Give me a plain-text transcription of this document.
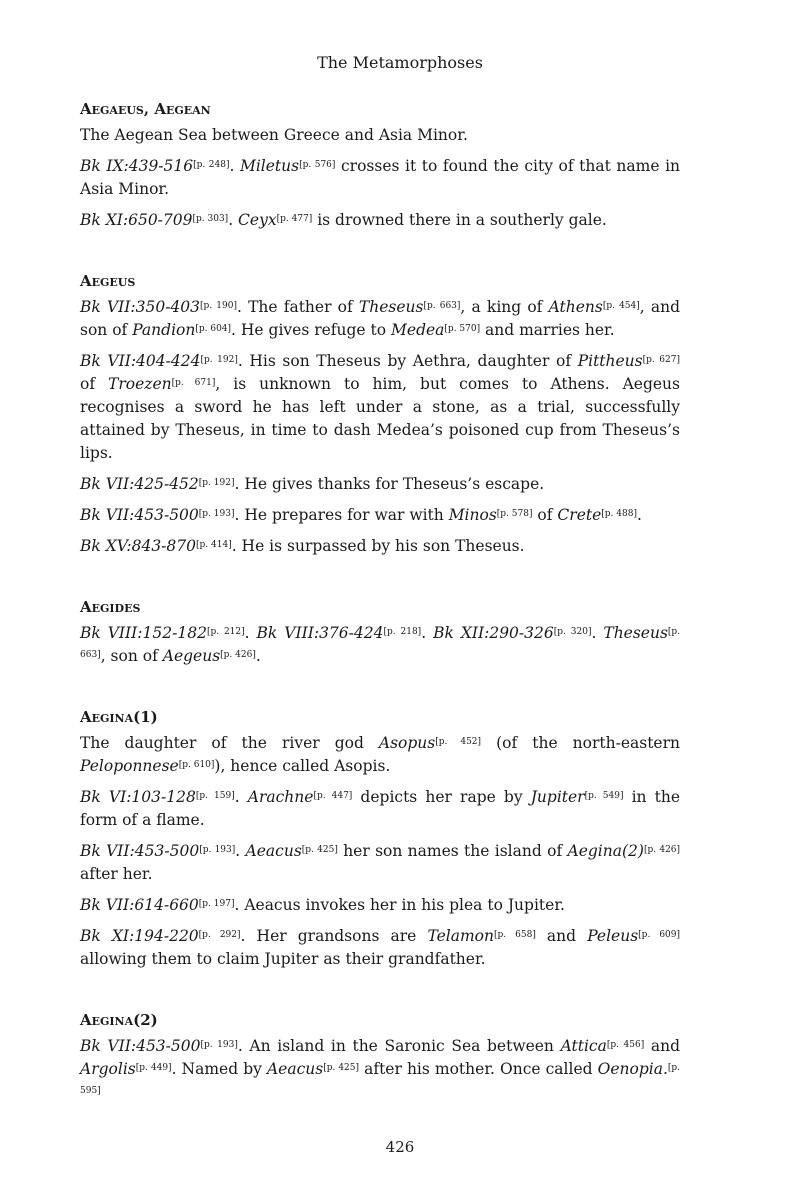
The Metamorphoses
Aegaeus, Aegean

The Aegean Sea between Greece and Asia Minor.

Bk IX:439-516[p. 248]. Miletus[p. 576] crosses it to found the city of that name in Asia Minor.

Bk XI:650-709[p. 303]. Ceyx[p. 477] is drowned there in a southerly gale.

Aegeus

Bk VII:350-403[p. 190]. The father of Theseus[p. 663], a king of Athens[p. 454], and son of Pandion[p. 604]. He gives refuge to Medea[p. 570] and marries her.

Bk VII:404-424[p. 192]. His son Theseus by Aethra, daughter of Pittheus[p. 627] of Troezen[p. 671], is unknown to him, but comes to Athens. Aegeus recognises a sword he has left under a stone, as a trial, successfully attained by Theseus, in time to dash Medea’s poisoned cup from Theseus’s lips.

Bk VII:425-452[p. 192]. He gives thanks for Theseus’s escape.

Bk VII:453-500[p. 193]. He prepares for war with Minos[p. 578] of Crete[p. 488].

Bk XV:843-870[p. 414]. He is surpassed by his son Theseus.

Aegides

Bk VIII:152-182[p. 212]. Bk VIII:376-424[p. 218]. Bk XII:290-326[p. 320]. Theseus[p. 663], son of Aegeus[p. 426].

Aegina(1)

The daughter of the river god Asopus[p. 452] (of the north-eastern Peloponnese[p. 610]), hence called Asopis.

Bk VI:103-128[p. 159]. Arachne[p. 447] depicts her rape by Jupiter[p. 549] in the form of a flame.

Bk VII:453-500[p. 193]. Aeacus[p. 425] her son names the island of Aegina(2)[p. 426] after her.

Bk VII:614-660[p. 197]. Aeacus invokes her in his plea to Jupiter.

Bk XI:194-220[p. 292]. Her grandsons are Telamon[p. 658] and Peleus[p. 609] allowing them to claim Jupiter as their grandfather.

Aegina(2)

Bk VII:453-500[p. 193]. An island in the Saronic Sea between Attica[p. 456] and Argolis[p. 449]. Named by Aeacus[p. 425] after his mother. Once called Oenopia.[p. 595]

426
